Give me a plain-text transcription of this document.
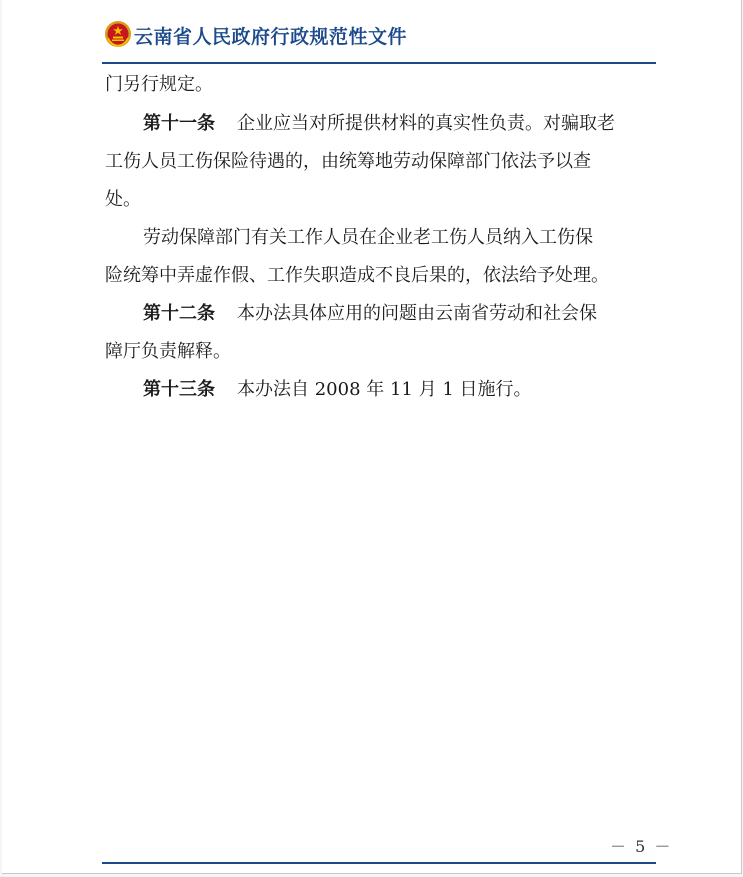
云南省人民政府行政规范性文件
门另行规定。
第十一条 企业应当对所提供材料的真实性负责。对骗取老
工伤人员工伤保险待遇的，由统筹地劳动保障部门依法予以查
处。
劳动保障部门有关工作人员在企业老工伤人员纳入工伤保
险统筹中弄虚作假、工作失职造成不良后果的，依法给予处理。
第十二条 本办法具体应用的问题由云南省劳动和社会保
障厅负责解释。
第十三条 本办法自 2008 年 11 月 1 日施行。
－ 5 －
